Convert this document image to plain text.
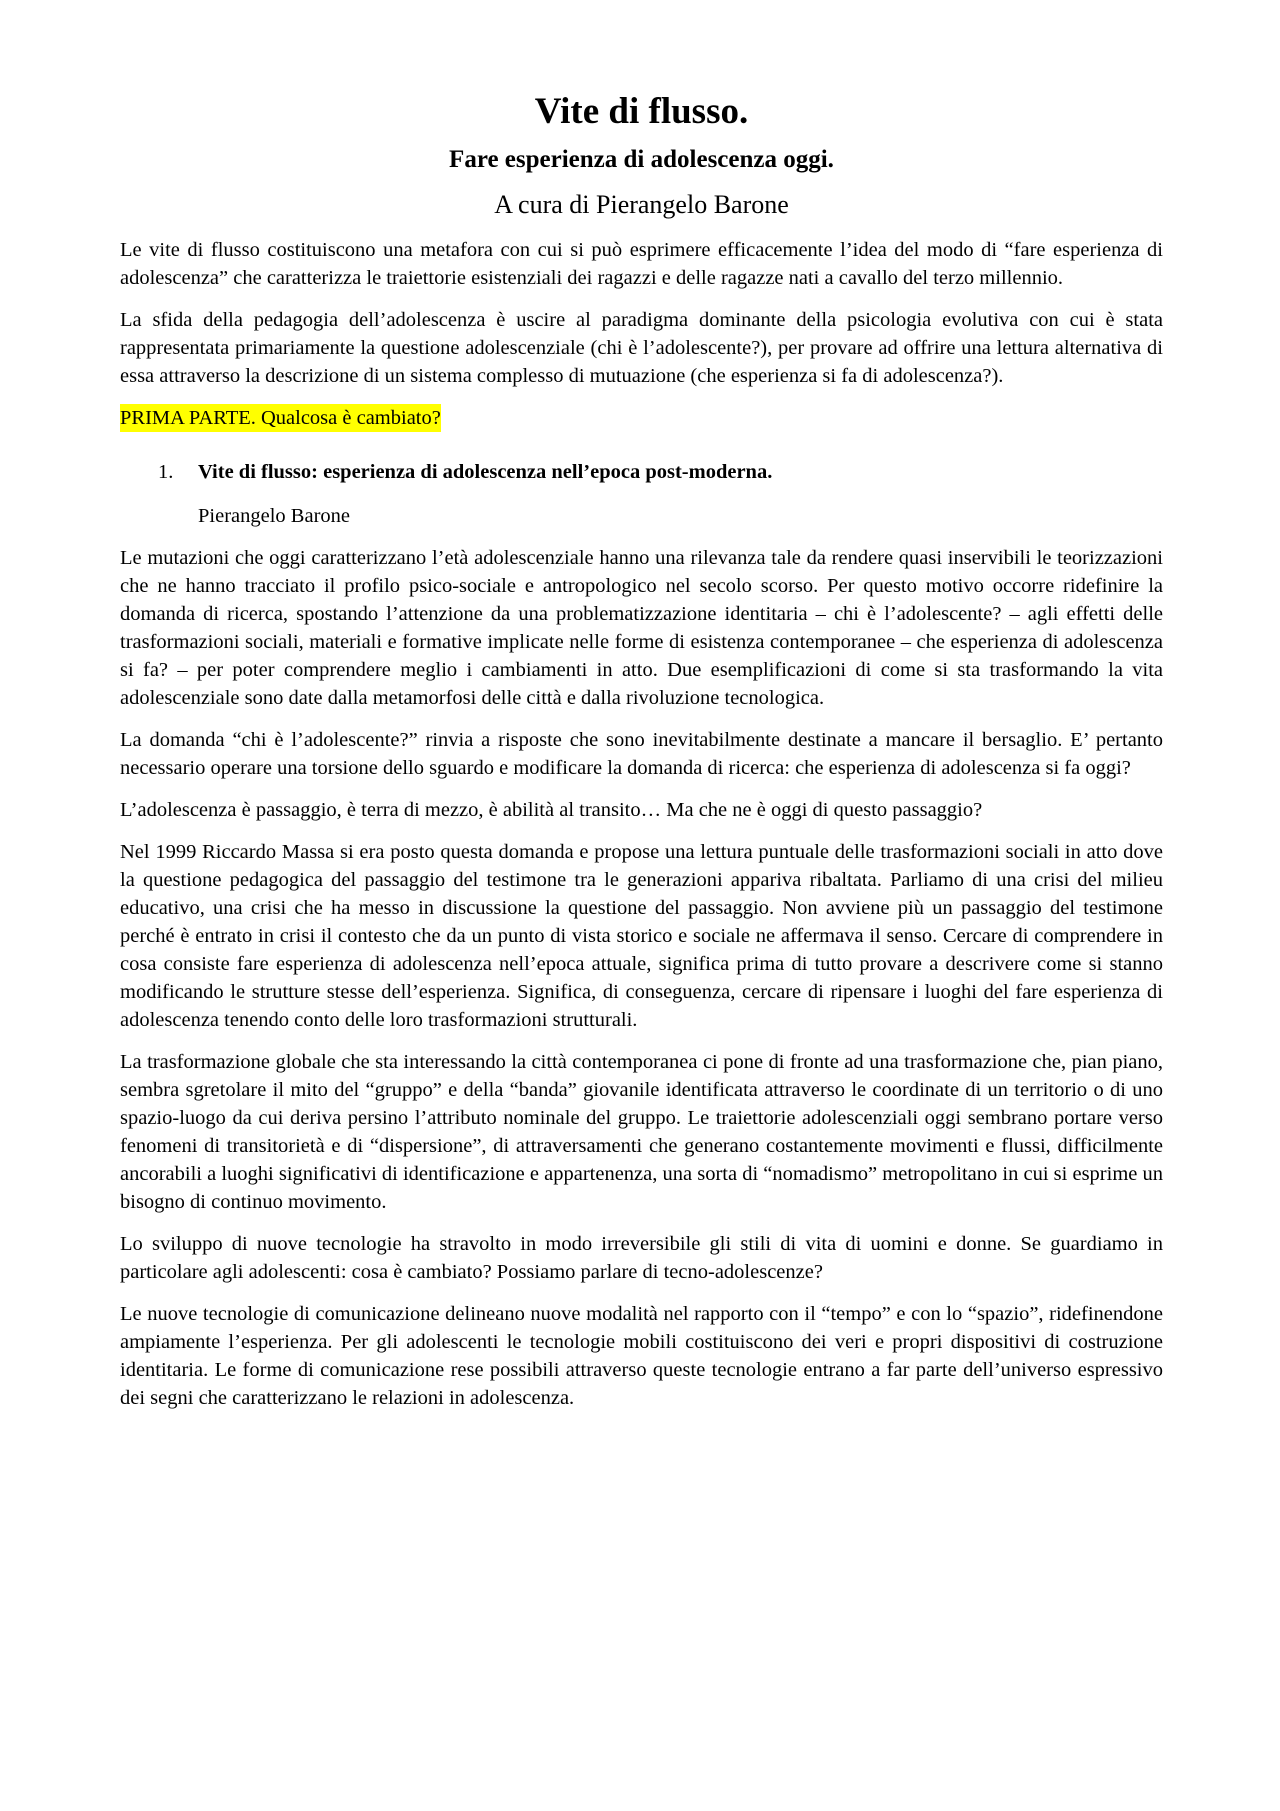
Vite di flusso.
Fare esperienza di adolescenza oggi.
A cura di Pierangelo Barone

Le vite di flusso costituiscono una metafora con cui si può esprimere efficacemente l’idea del modo di “fare esperienza di adolescenza” che caratterizza le traiettorie esistenziali dei ragazzi e delle ragazze nati a cavallo del terzo millennio.

La sfida della pedagogia dell’adolescenza è uscire al paradigma dominante della psicologia evolutiva con cui è stata rappresentata primariamente la questione adolescenziale (chi è l’adolescente?), per provare ad offrire una lettura alternativa di essa attraverso la descrizione di un sistema complesso di mutuazione (che esperienza si fa di adolescenza?).

PRIMA PARTE. Qualcosa è cambiato?
1.	Vite di flusso: esperienza di adolescenza nell’epoca post-moderna.
Pierangelo Barone

Le mutazioni che oggi caratterizzano l’età adolescenziale hanno una rilevanza tale da rendere quasi inservibili le teorizzazioni che ne hanno tracciato il profilo psico-sociale e antropologico nel secolo scorso. Per questo motivo occorre ridefinire la domanda di ricerca, spostando l’attenzione da una problematizzazione identitaria – chi è l’adolescente? – agli effetti delle trasformazioni sociali, materiali e formative implicate nelle forme di esistenza contemporanee – che esperienza di adolescenza si fa? – per poter comprendere meglio i cambiamenti in atto. Due esemplificazioni di come si sta trasformando la vita adolescenziale sono date dalla metamorfosi delle città e dalla rivoluzione tecnologica.

La domanda “chi è l’adolescente?” rinvia a risposte che sono inevitabilmente destinate a mancare il bersaglio. E’ pertanto necessario operare una torsione dello sguardo e modificare la domanda di ricerca: che esperienza di adolescenza si fa oggi?

L’adolescenza è passaggio, è terra di mezzo, è abilità al transito… Ma che ne è oggi di questo passaggio?

Nel 1999 Riccardo Massa si era posto questa domanda e propose una lettura puntuale delle trasformazioni sociali in atto dove la questione pedagogica del passaggio del testimone tra le generazioni appariva ribaltata. Parliamo di una crisi del milieu educativo, una crisi che ha messo in discussione la questione del passaggio. Non avviene più un passaggio del testimone perché è entrato in crisi il contesto che da un punto di vista storico e sociale ne affermava il senso. Cercare di comprendere in cosa consiste fare esperienza di adolescenza nell’epoca attuale, significa prima di tutto provare a descrivere come si stanno modificando le strutture stesse dell’esperienza. Significa, di conseguenza, cercare di ripensare i luoghi del fare esperienza di adolescenza tenendo conto delle loro trasformazioni strutturali.

La trasformazione globale che sta interessando la città contemporanea ci pone di fronte ad una trasformazione che, pian piano, sembra sgretolare il mito del “gruppo” e della “banda” giovanile identificata attraverso le coordinate di un territorio o di uno spazio-luogo da cui deriva persino l’attributo nominale del gruppo. Le traiettorie adolescenziali oggi sembrano portare verso fenomeni di transitorietà e di “dispersione”, di attraversamenti che generano costantemente movimenti e flussi, difficilmente ancorabili a luoghi significativi di identificazione e appartenenza, una sorta di “nomadismo” metropolitano in cui si esprime un bisogno di continuo movimento.

Lo sviluppo di nuove tecnologie ha stravolto in modo irreversibile gli stili di vita di uomini e donne. Se guardiamo in particolare agli adolescenti: cosa è cambiato? Possiamo parlare di tecno-adolescenze?

Le nuove tecnologie di comunicazione delineano nuove modalità nel rapporto con il “tempo” e con lo “spazio”, ridefinendone ampiamente l’esperienza. Per gli adolescenti le tecnologie mobili costituiscono dei veri e propri dispositivi di costruzione identitaria. Le forme di comunicazione rese possibili attraverso queste tecnologie entrano a far parte dell’universo espressivo dei segni che caratterizzano le relazioni in adolescenza.
